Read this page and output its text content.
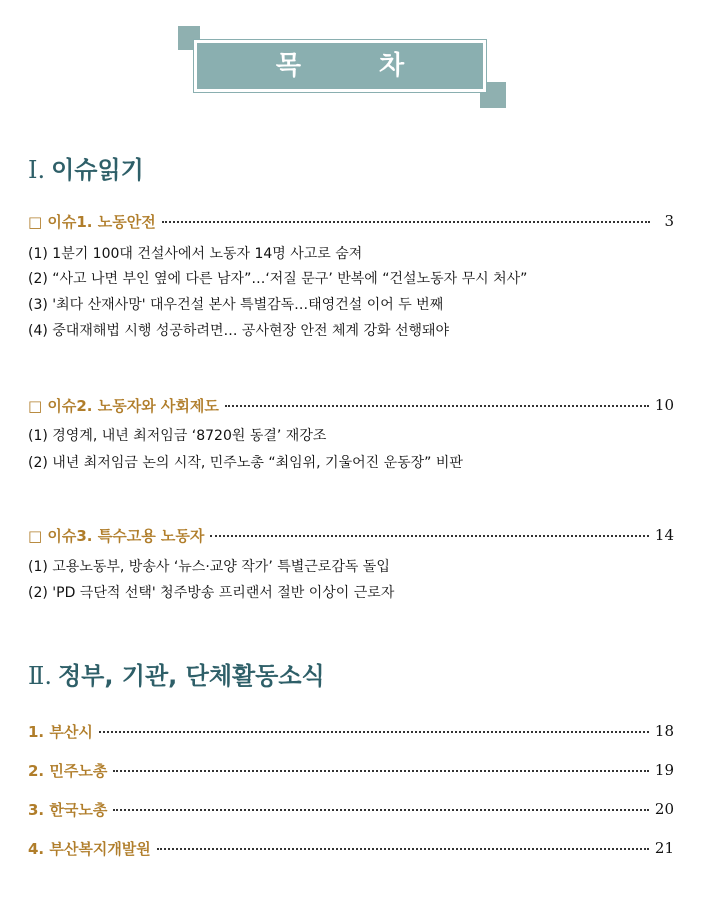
목차
Ⅰ. 이슈읽기
□ 이슈1. 노동안전	3
(1) 1분기 100대 건설사에서 노동자 14명 사고로 숨져
(2) “사고 나면 부인 옆에 다른 남자”…‘저질 문구’ 반복에 “건설노동자 무시 처사”
(3) '최다 산재사망' 대우건설 본사 특별감독…태영건설 이어 두 번째
(4) 중대재해법 시행 성공하려면… 공사현장 안전 체계 강화 선행돼야
□ 이슈2. 노동자와 사회제도	10
(1) 경영계, 내년 최저임금 ‘8720원 동결’ 재강조
(2) 내년 최저임금 논의 시작, 민주노총 “최임위, 기울어진 운동장” 비판
□ 이슈3. 특수고용 노동자	14
(1) 고용노동부, 방송사 ‘뉴스·교양 작가’ 특별근로감독 돌입
(2) 'PD 극단적 선택' 청주방송 프리랜서 절반 이상이 근로자
Ⅱ. 정부, 기관, 단체활동소식
1. 부산시	18
2. 민주노총	19
3. 한국노총	20
4. 부산복지개발원	21
